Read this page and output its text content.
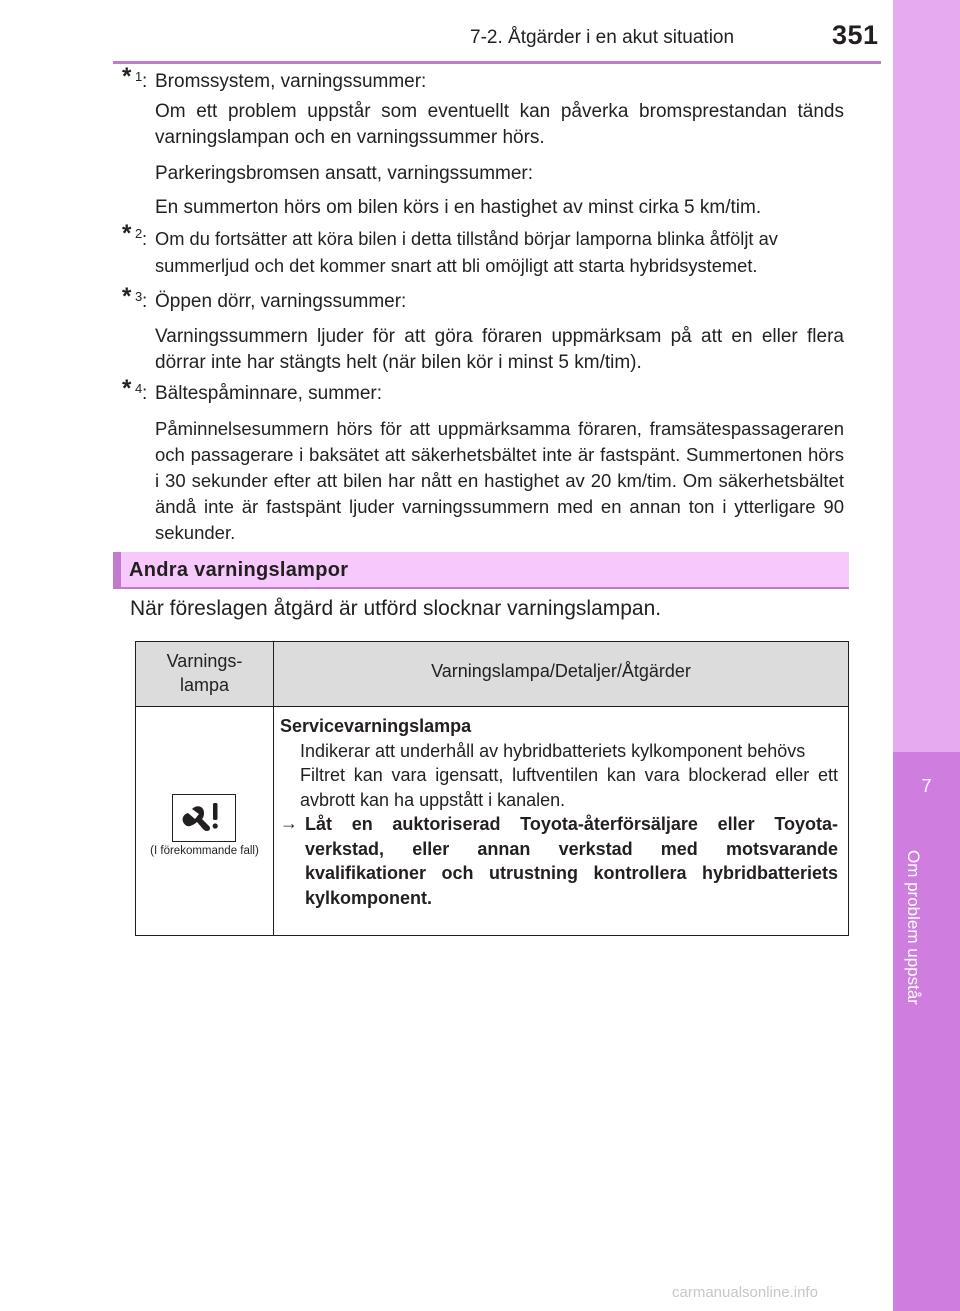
7
Om problem uppstår
7-2. Åtgärder i en akut situation	351
* 1 : Bromssystem, varningssummer:
Om ett problem uppstår som eventuellt kan påverka bromsprestandan tänds varningslampan och en varningssummer hörs.
Parkeringsbromsen ansatt, varningssummer:
En summerton hörs om bilen körs i en hastighet av minst cirka 5 km/tim.
* 2 : Om du fortsätter att köra bilen i detta tillstånd börjar lamporna blinka åtföljt av
summerljud och det kommer snart att bli omöjligt att starta hybridsystemet.
* 3 : Öppen dörr, varningssummer:
Varningssummern ljuder för att göra föraren uppmärksam på att en eller flera dörrar inte har stängts helt (när bilen kör i minst 5 km/tim).
* 4 : Bältespåminnare, summer:
Påminnelsesummern hörs för att uppmärksamma föraren, framsätespassageraren och passagerare i baksätet att säkerhetsbältet inte är fastspänt. Summertonen hörs i 30 sekunder efter att bilen har nått en hastighet av 20 km/tim. Om säkerhetsbältet ändå inte är fastspänt ljuder varningssummern med en annan ton i ytterligare 90 sekunder.
Andra varningslampor
När föreslagen åtgärd är utförd slocknar varningslampan.
Varnings-
lampa
Varningslampa/Detaljer/Åtgärder
(I förekommande fall)
Servicevarningslampa
Indikerar att underhåll av hybridbatteriets kylkomponent behövs
Filtret kan vara igensatt, luftventilen kan vara blockerad eller ett avbrott kan ha uppstått i kanalen.
→ Låt en auktoriserad Toyota-återförsäljare eller Toyota-verkstad, eller annan verkstad med motsvarande kvalifikationer och utrustning kontrollera hybridbatteriets kylkomponent.
carmanualsonline.info
